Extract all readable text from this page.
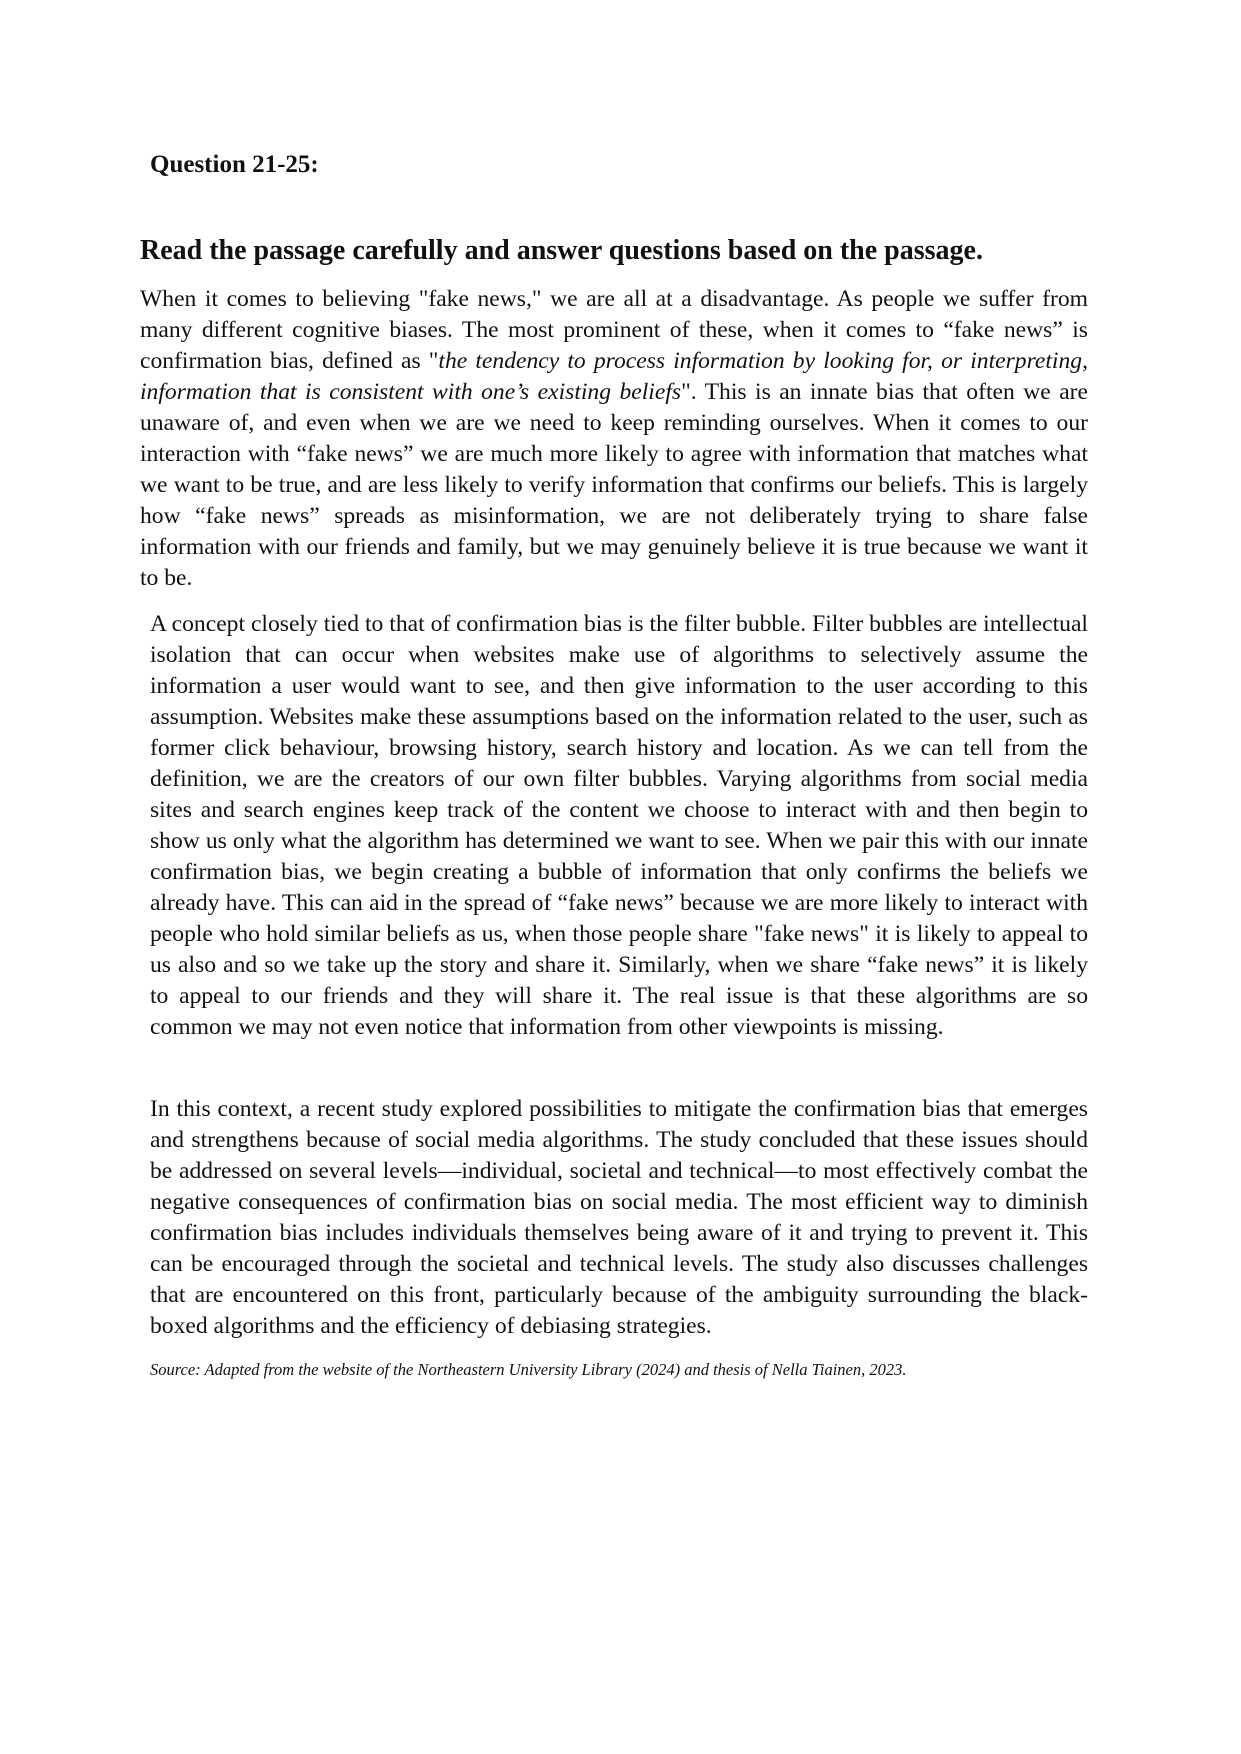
Question 21-25:

Read the passage carefully and answer questions based on the passage.

When it comes to believing "fake news," we are all at a disadvantage. As people we suffer from many different cognitive biases. The most prominent of these, when it comes to “fake news” is confirmation bias, defined as "the tendency to process information by looking for, or interpreting, information that is consistent with one’s existing beliefs". This is an innate bias that often we are unaware of, and even when we are we need to keep reminding ourselves. When it comes to our interaction with “fake news” we are much more likely to agree with information that matches what we want to be true, and are less likely to verify information that confirms our beliefs. This is largely how “fake news” spreads as misinformation, we are not deliberately trying to share false information with our friends and family, but we may genuinely believe it is true because we want it to be.

A concept closely tied to that of confirmation bias is the filter bubble. Filter bubbles are intellectual isolation that can occur when websites make use of algorithms to selectively assume the information a user would want to see, and then give information to the user according to this assumption. Websites make these assumptions based on the information related to the user, such as former click behaviour, browsing history, search history and location. As we can tell from the definition, we are the creators of our own filter bubbles. Varying algorithms from social media sites and search engines keep track of the content we choose to interact with and then begin to show us only what the algorithm has determined we want to see. When we pair this with our innate confirmation bias, we begin creating a bubble of information that only confirms the beliefs we already have. This can aid in the spread of “fake news” because we are more likely to interact with people who hold similar beliefs as us, when those people share "fake news" it is likely to appeal to us also and so we take up the story and share it. Similarly, when we share “fake news” it is likely to appeal to our friends and they will share it. The real issue is that these algorithms are so common we may not even notice that information from other viewpoints is missing.

In this context, a recent study explored possibilities to mitigate the confirmation bias that emerges and strengthens because of social media algorithms. The study concluded that these issues should be addressed on several levels—individual, societal and technical—to most effectively combat the negative consequences of confirmation bias on social media. The most efficient way to diminish confirmation bias includes individuals themselves being aware of it and trying to prevent it. This can be encouraged through the societal and technical levels. The study also discusses challenges that are encountered on this front, particularly because of the ambiguity surrounding the black-boxed algorithms and the efficiency of debiasing strategies.

Source: Adapted from the website of the Northeastern University Library (2024) and thesis of Nella Tiainen, 2023.
